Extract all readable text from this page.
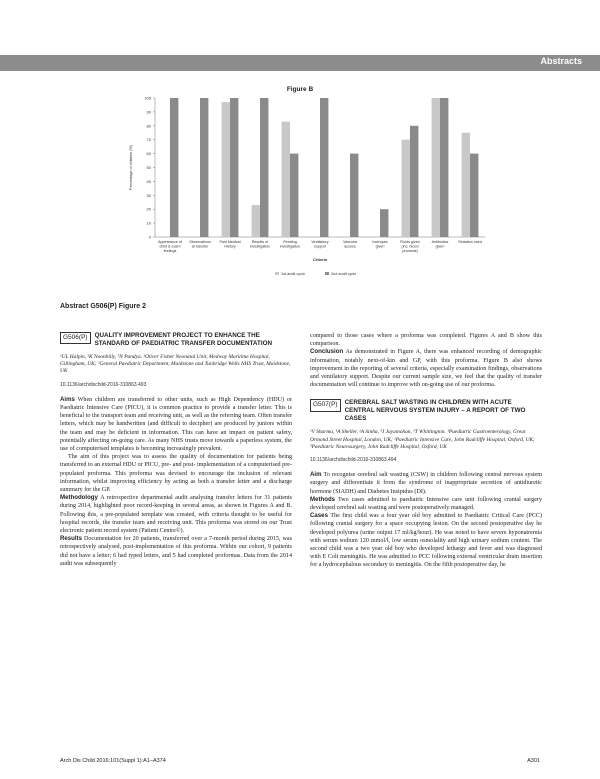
Abstracts
Figure B
0
10
20
30
40
50
60
70
80
90
100
Percentage of children (%)
Appearance of
child & exam
findings
Observations
at transfer
Past Medical
History
Results of
investigation
Pending
investigation
Ventilatory
support
Vascular
access
Inotropes
given
Fluids given
(inc. blood
products)
Antibiotics
given
Sedation used
Criteria
1st audit cycle	2nd audit cycle
Abstract G506(P) Figure 2
G506(P)	QUALITY IMPROVEMENT PROJECT TO ENHANCE THE STANDARD OF PAEDIATRIC TRANSFER DOCUMENTATION
¹UL Halpin, ²K Noonbilly, ³N Pandya. ¹Oliver Fisher Neonatal Unit, Medway Maritime Hospital, Gillingham, UK; ²General Paediatric Department, Maidstone and Tunbridge Wells NHS Trust, Maidstone, UK
10.1136/archdischild-2016-310863.493

Aims When children are transferred to other units, such as High Dependency (HDU) or Paediatric Intensive Care (PICU), it is common practice to provide a transfer letter. This is beneficial to the transport team and receiving unit, as well as the referring team. Often transfer letters, which may be handwritten (and difficult to decipher) are produced by juniors within the team and may be deficient in information. This can have an impact on patient safety, potentially affecting on-going care. As many NHS trusts move towards a paperless system, the use of computerised templates is becoming increasingly prevalent.

The aim of this project was to assess the quality of documentation for patients being transferred to an external HDU or PICU, pre- and post- implementation of a computerised pre-populated proforma. This proforma was devised to encourage the inclusion of relevant information, whilst improving efficiency by acting as both a transfer letter and a discharge summary for the GP.

Methodology A retrospective departmental audit analysing transfer letters for 31 patients during 2014, highlighted poor record-keeping in several areas, as shown in Figures A and B. Following this, a pre-populated template was created, with criteria thought to be useful for hospital records, the transfer team and receiving unit. This proforma was stored on our Trust electronic patient record system (Patient Centre©).

Results Documentation for 20 patients, transferred over a 7-month period during 2015, was retrospectively analysed, post-implementation of this proforma. Within our cohort, 9 patients did not have a letter; 6 had typed letters, and 5 had completed proformas. Data from the 2014 audit was subsequently

compared to those cases where a proforma was completed. Figures A and B show this comparison.

Conclusion As demonstrated in Figure A, there was enhanced recording of demographic information, notably next-of-kin and GP, with this proforma. Figure B also shows improvement in the reporting of several criteria, especially examination findings, observations and ventilatory support. Despite our current sample size, we feel that the quality of transfer documentation will continue to improve with on-going use of our proforma.

G507(P)	CEREBRAL SALT WASTING IN CHILDREN WITH ACUTE CENTRAL NERVOUS SYSTEM INJURY – A REPORT OF TWO CASES
¹V Sharma, ¹A Sheller, ²A Sinha, ³J Jayamohan, ³T Whittington. ¹Paediatric Gastroenterology, Great Ormond Street Hospital, London, UK; ²Paediatric Intensive Care, John Radcliffe Hospital, Oxford, UK; ³Paediatric Neurosurgery, John Radcliffe Hospital, Oxford, UK
10.1136/archdischild-2016-310863.494

Aim To recognise cerebral salt wasting (CSW) in children following central nervous system surgery and differentiate it from the syndrome of inappropriate secretion of antidiuretic hormone (SIADH) and Diabetes Insipidus (DI).

Methods Two cases admitted to paediatric Intensive care unit following cranial surgery developed cerebral salt wasting and were postoperatively managed.

Cases The first child was a four year old boy admitted to Paediatric Critical Care (PCC) following cranial surgery for a space occupying lesion. On the second postoperative day he developed polyurea (urine output 17 ml/kg/hour). He was noted to have severe hyponatremia with serum sodium 120 mmol/l, low serum osmolality and high urinary sodium content. The second child was a two year old boy who developed lethargy and fever and was diagnosed with E Coli meningitis. He was admitted to PCC following external ventricular drain insertion for a hydrocephalous secondary to meningitis. On the fifth postoperative day, he

Arch Dis Child 2016;101(Suppl 1):A1–A374	A301
